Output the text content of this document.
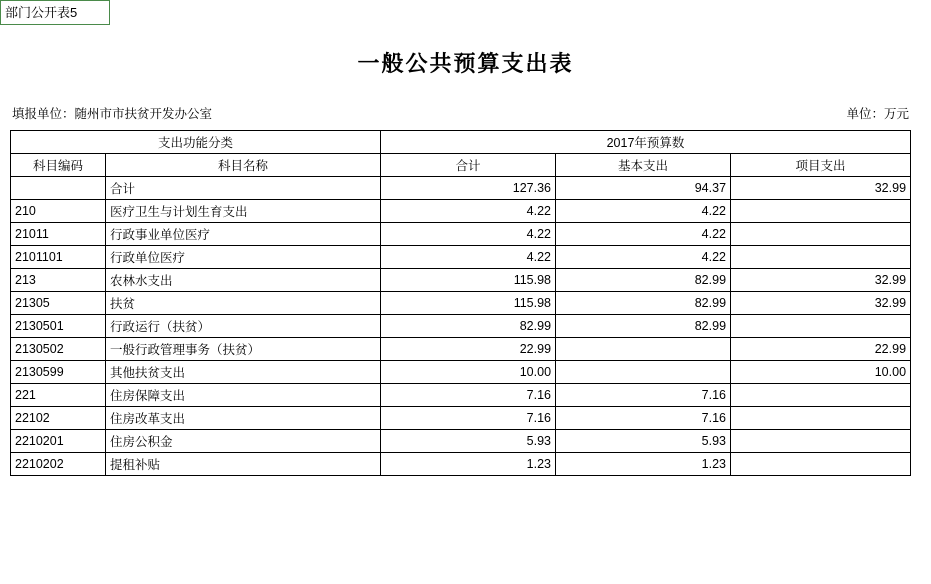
部门公开表5
一般公共预算支出表
填报单位：随州市市扶贫开发办公室	单位：万元
支出功能分类		2017年预算数		
科目编码	科目名称	合计	基本支出	项目支出
	合计	127.36	94.37	32.99
210	医疗卫生与计划生育支出	4.22	4.22	
21011	行政事业单位医疗	4.22	4.22	
2101101	行政单位医疗	4.22	4.22	
213	农林水支出	115.98	82.99	32.99
21305	扶贫	115.98	82.99	32.99
2130501	行政运行（扶贫）	82.99	82.99	
2130502	一般行政管理事务（扶贫）	22.99		22.99
2130599	其他扶贫支出	10.00		10.00
221	住房保障支出	7.16	7.16	
22102	住房改革支出	7.16	7.16	
2210201	住房公积金	5.93	5.93	
2210202	提租补贴	1.23	1.23	
